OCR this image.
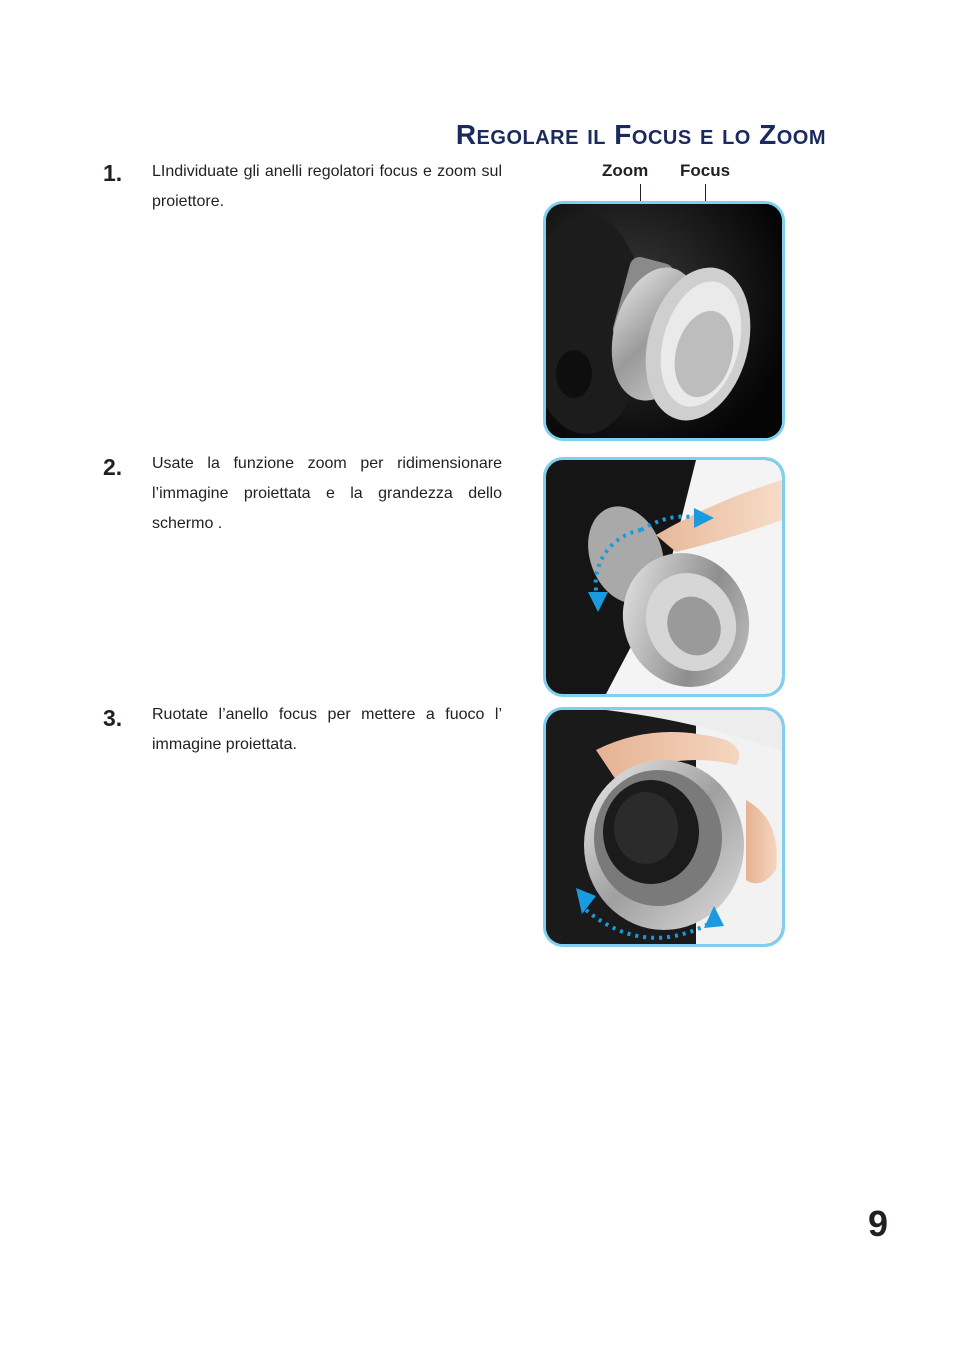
Regolare il Focus e lo Zoom
1. LIndividuate gli anelli regolatori focus e zoom sul proiettore.
Zoom Focus
2. Usate la funzione zoom per ridimensionare l’immagine proiettata e la grandezza dello schermo .
3. Ruotate l’anello focus per mettere a fuoco l’ immagine proiettata.
9
